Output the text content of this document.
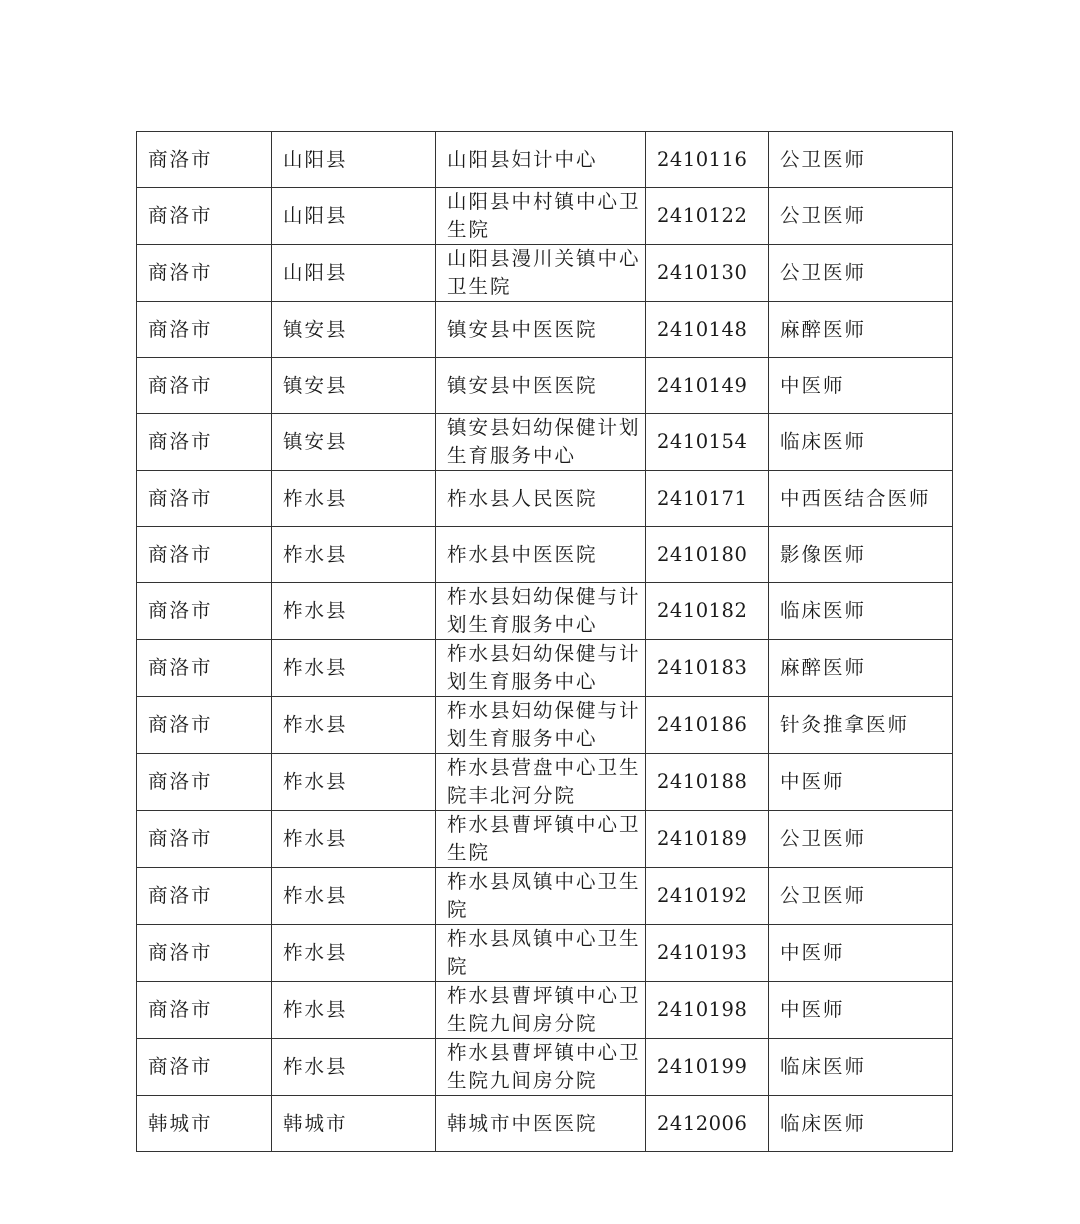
商洛市	山阳县	山阳县妇计中心	2410116	公卫医师
商洛市	山阳县	山阳县中村镇中心卫生院	2410122	公卫医师
商洛市	山阳县	山阳县漫川关镇中心卫生院	2410130	公卫医师
商洛市	镇安县	镇安县中医医院	2410148	麻醉医师
商洛市	镇安县	镇安县中医医院	2410149	中医师
商洛市	镇安县	镇安县妇幼保健计划生育服务中心	2410154	临床医师
商洛市	柞水县	柞水县人民医院	2410171	中西医结合医师
商洛市	柞水县	柞水县中医医院	2410180	影像医师
商洛市	柞水县	柞水县妇幼保健与计划生育服务中心	2410182	临床医师
商洛市	柞水县	柞水县妇幼保健与计划生育服务中心	2410183	麻醉医师
商洛市	柞水县	柞水县妇幼保健与计划生育服务中心	2410186	针灸推拿医师
商洛市	柞水县	柞水县营盘中心卫生院丰北河分院	2410188	中医师
商洛市	柞水县	柞水县曹坪镇中心卫生院	2410189	公卫医师
商洛市	柞水县	柞水县凤镇中心卫生院	2410192	公卫医师
商洛市	柞水县	柞水县凤镇中心卫生院	2410193	中医师
商洛市	柞水县	柞水县曹坪镇中心卫生院九间房分院	2410198	中医师
商洛市	柞水县	柞水县曹坪镇中心卫生院九间房分院	2410199	临床医师
韩城市	韩城市	韩城市中医医院	2412006	临床医师
